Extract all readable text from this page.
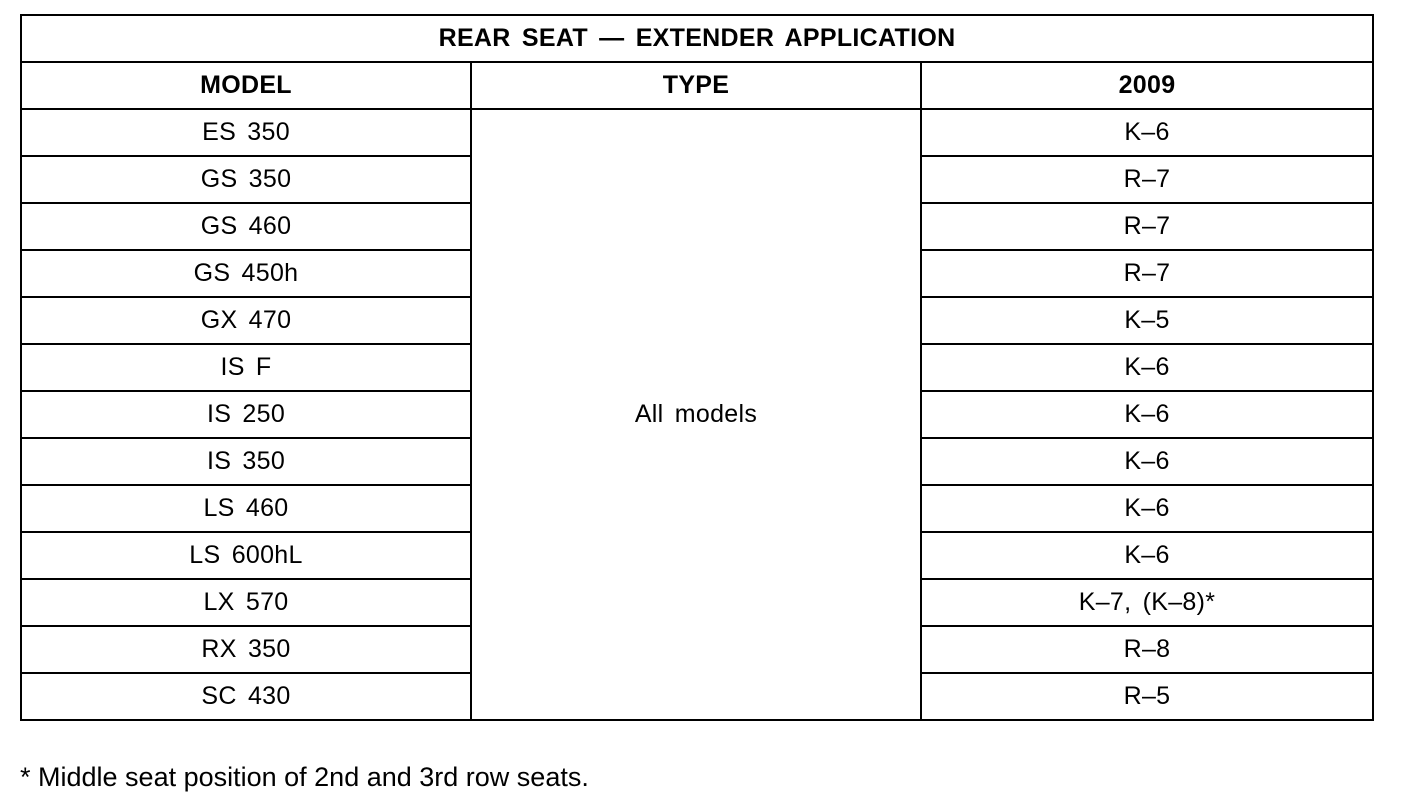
REAR SEAT — EXTENDER APPLICATION		
MODEL	TYPE	2009
ES 350	All models	K–6
GS 350		R–7
GS 460		R–7
GS 450h		R–7
GX 470		K–5
IS F		K–6
IS 250		K–6
IS 350		K–6
LS 460		K–6
LS 600hL		K–6
LX 570		K–7, (K–8)*
RX 350		R–8
SC 430		R–5
* Middle seat position of 2nd and 3rd row seats.
